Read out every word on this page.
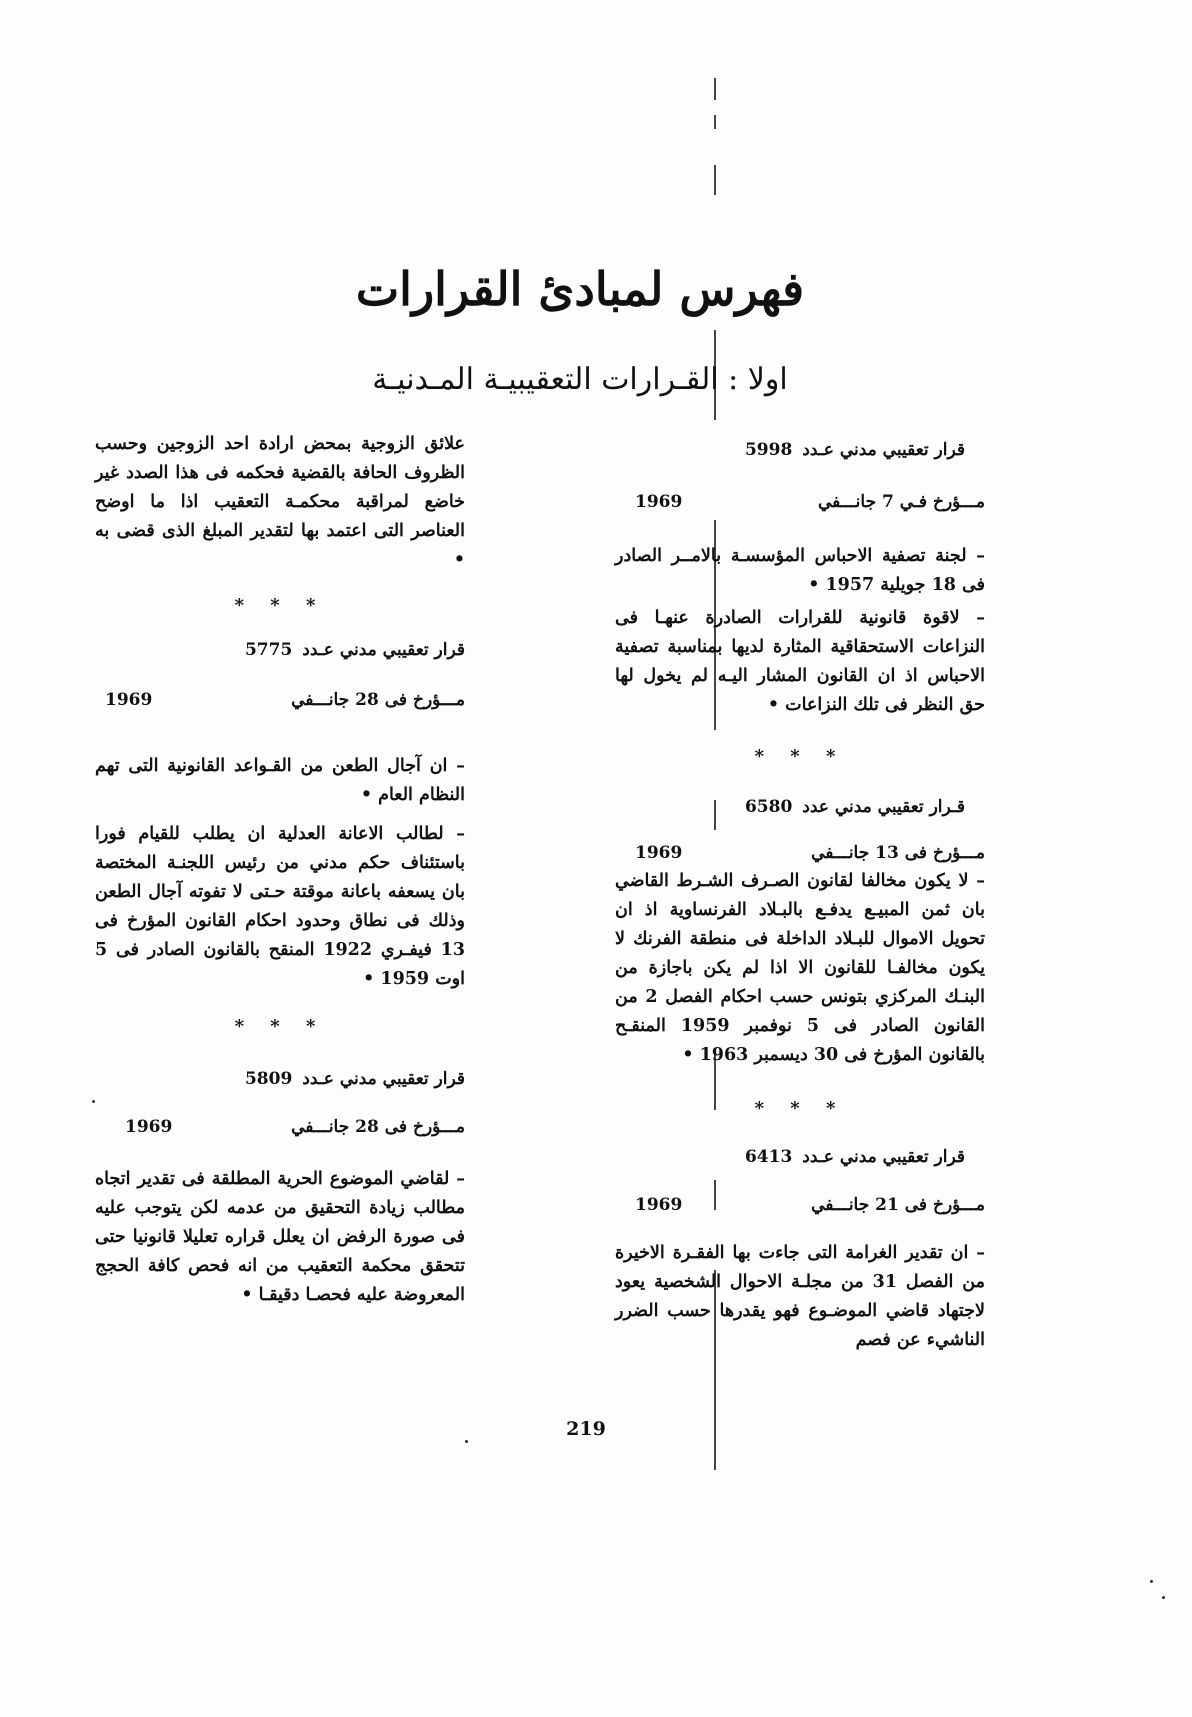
فهرس لمبادئ القرارات
اولا : القـرارات التعقيبيـة المـدنيـة

قرار تعقيبي مدني عـدد
5998

مـــؤرخ فـي 7 جانـــفي
1969

– لجنة تصفية الاحباس المؤسسـة بالامــر الصادر فى 18 جويلية 1957 •

– لاقوة قانونية للقرارات الصادرة عنهـا فى النزاعات الاستحقاقية المثارة لديها بمناسبة تصفية الاحباس اذ ان القانون المشار اليـه لم يخول لها حق النظر فى تلك النزاعات •

* * *

قـرار تعقيبي مدني عدد
6580

مـــؤرخ فى 13 جانـــفي
1969

– لا يكون مخالفا لقانون الصـرف الشـرط القاضي بان ثمن المبيـع يدفـع بالبـلاد الفرنساوية اذ ان تحويل الاموال للبـلاد الداخلة فى منطقة الفرنك لا يكون مخالفـا للقانون الا اذا لم يكن باجازة من البنـك المركزي بتونس حسب احكام الفصل 2 من القانون الصادر فى 5 نوفمبر 1959 المنقـح بالقانون المؤرخ فى 30 ديسمبر 1963 •

* * *

قرار تعقيبي مدني عـدد
6413

مـــؤرخ فى 21 جانـــفي
1969

– ان تقدير الغرامة التى جاءت بها الفقـرة الاخيرة من الفصل 31 من مجلـة الاحوال الشخصية يعود لاجتهاد قاضي الموضـوع فهو يقدرها حسب الضرر الناشيء عن فصم

علائق الزوجية بمحض ارادة احد الزوجين وحسب الظروف الحافة بالقضية فحكمه فى هذا الصدد غير خاضع لمراقبة محكمـة التعقيب اذا ما اوضح العناصر التى اعتمد بها لتقدير المبلغ الذى قضى به •

* * *

قرار تعقيبي مدني عـدد
5775

مـــؤرخ فى 28 جانـــفي
1969

– ان آجال الطعن من القـواعد القانونية التى تهم النظام العام •

– لطالب الاعانة العدلية ان يطلب للقيام فورا باستئناف حكم مدني من رئيس اللجنـة المختصة بان يسعفه باعانة موقتة حـتى لا تفوته آجال الطعن وذلك فى نطاق وحدود احكام القانون المؤرخ فى 13 فيفـري 1922 المنقح بالقانون الصادر فى 5 اوت 1959 •

* * *

قرار تعقيبي مدني عـدد
5809

مـــؤرخ فى 28 جانـــفي
1969

– لقاضي الموضوع الحرية المطلقة فى تقدير اتجاه مطالب زيادة التحقيق من عدمه لكن يتوجب عليه فى صورة الرفض ان يعلل قراره تعليلا قانونيا حتى تتحقق محكمة التعقيب من انه فحص كافة الحجج المعروضة عليه فحصـا دقيقـا •

219
